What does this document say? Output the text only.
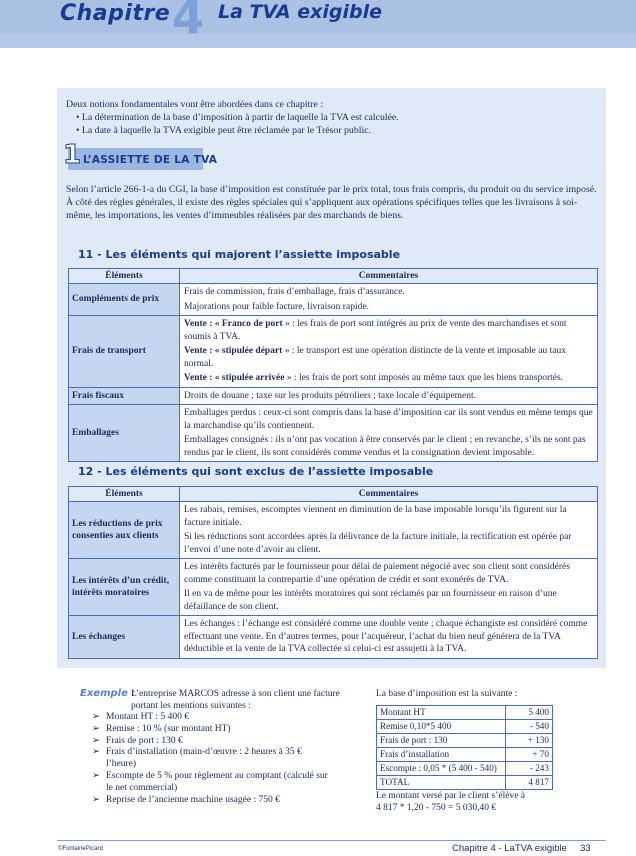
Chapitre 4 La TVA exigible
Deux notions fondamentales vont être abordées dans ce chapitre :
• La détermination de la base d’imposition à partir de laquelle la TVA est calculée.
• La date à laquelle la TVA exigible peut être réclamée par le Trésor public.
1 L’ASSIETTE DE LA TVA

Selon l’article 266-1-a du CGI, la base d’imposition est constituée par le prix total, tous frais compris, du produit ou du service imposé.

À côté des règles générales, il existe des règles spéciales qui s’appliquent aux opérations spécifiques telles que les livraisons à soi-même, les importations, les ventes d’immeubles réalisées par des marchands de biens.

11 - Les éléments qui majorent l’assiette imposable
Éléments	Commentaires
Compléments de prix	Frais de commission, frais d’emballage, frais d’assurance.

Majorations pour faible facture, livraison rapide.

Frais de transport	Vente : « Franco de port » : les frais de port sont intégrés au prix de vente des marchandises et sont soumis à TVA.

Vente : « stipulée départ » : le transport est une opération distincte de la vente et imposable au taux normal.

Vente : « stipulée arrivée » : les frais de port sont imposés au même taux que les biens transportés.

Frais fiscaux	Droits de douane ; taxe sur les produits pétroliers ; taxe locale d’équipement.

Emballages	Emballages perdus : ceux-ci sont compris dans la base d’imposition car ils sont vendus en même temps que la marchandise qu’ils contiennent.

Emballages consignés : ils n’ont pas vocation à être conservés par le client ; en revanche, s’ils ne sont pas rendus par le client, ils sont considérés comme vendus et la consignation devient imposable.

12 - Les éléments qui sont exclus de l’assiette imposable
Éléments	Commentaires
Les réductions de prix consenties aux clients	Les rabais, remises, escomptes viennent en diminution de la base imposable lorsqu’ils figurent sur la facture initiale.

Si les réductions sont accordées après la délivrance de la facture initiale, la rectification est opérée par l’envoi d’une note d’avoir au client.

Les intérêts d’un crédit, intérêts moratoires	Les intérêts facturés par le fournisseur pour délai de paiement négocié avec son client sont considérés comme constituant la contrepartie d’une opération de crédit et sont exonérés de TVA.

Il en va de même pour les intérêts moratoires qui sont réclamés par un fournisseur en raison d’une défaillance de son client.

Les échanges	Les échanges : l’échange est considéré comme une double vente ; chaque échangiste est considéré comme effectuant une vente. En d’autres termes, pour l’acquéreur, l’achat du bien neuf générera de la TVA déductible et la vente de la TVA collectée si celui-ci est assujetti à la TVA.

Exemple :
L’entreprise MARCOS adresse à son client une facture portant les mentions suivantes :
➢ Montant HT : 5 400 €
➢ Remise : 10 % (sur montant HT)
➢ Frais de port : 130 €
➢ Frais d’installation (main-d’œuvre : 2 heures à 35 € l’heure)
➢ Escompte de 5 % pour règlement au comptant (calculé sur le net commercial)
➢ Reprise de l’ancienne machine usagée : 750 €
La base d’imposition est la suivante :
Montant HT	5 400
Remise 0,10*5 400	- 540
Frais de port : 130	+ 130
Frais d’installation	+ 70
Escompte : 0,05 * (5 400 - 540)	- 243
TOTAL	4 817
Le montant versé par le client s’élève à
4 817 * 1,20 - 750 = 5 030,40 €
©FontainePicard	Chapitre 4 - LaTVA exigible     33
